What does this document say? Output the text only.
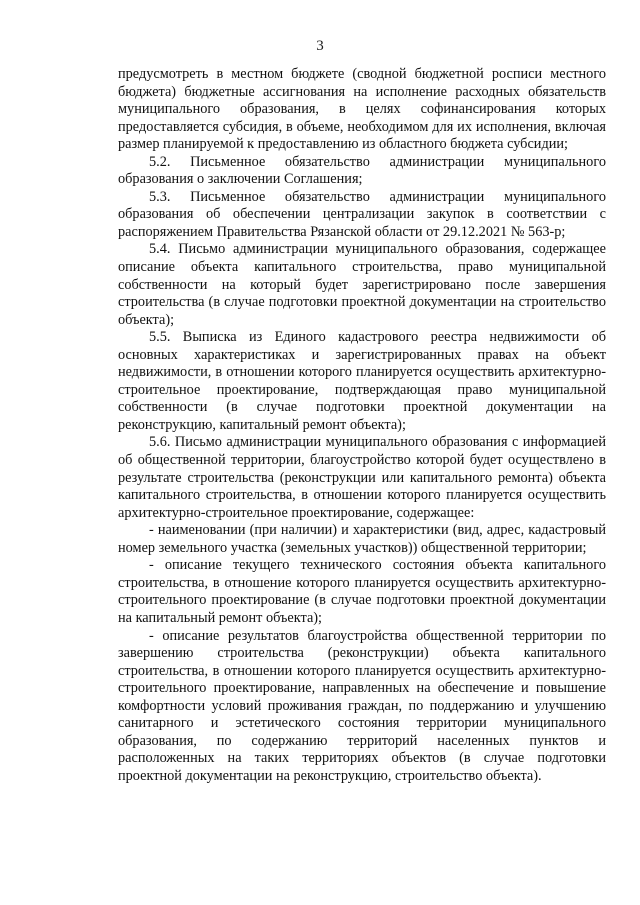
3

предусмотреть в местном бюджете (сводной бюджетной росписи местного бюджета) бюджетные ассигнования на исполнение расходных обязательств муниципального образования, в целях софинансирования которых предоставляется субсидия, в объеме, необходимом для их исполнения, включая размер планируемой к предоставлению из областного бюджета субсидии;

5.2. Письменное обязательство администрации муниципального образования о заключении Соглашения;

5.3. Письменное обязательство администрации муниципального образования об обеспечении централизации закупок в соответствии с распоряжением Правительства Рязанской области от 29.12.2021 № 563-р;

5.4. Письмо администрации муниципального образования, содержащее описание объекта капитального строительства, право муниципальной собственности на который будет зарегистрировано после завершения строительства (в случае подготовки проектной документации на строительство объекта);

5.5. Выписка из Единого кадастрового реестра недвижимости об основных характеристиках и зарегистрированных правах на объект недвижимости, в отношении которого планируется осуществить архитектурно-строительное проектирование, подтверждающая право муниципальной собственности (в случае подготовки проектной документации на реконструкцию, капитальный ремонт объекта);

5.6. Письмо администрации муниципального образования с информацией об общественной территории, благоустройство которой будет осуществлено в результате строительства (реконструкции или капитального ремонта) объекта капитального строительства, в отношении которого планируется осуществить архитектурно-строительное проектирование, содержащее:

- наименовании (при наличии) и характеристики (вид, адрес, кадастровый номер земельного участка (земельных участков)) общественной территории;

- описание текущего технического состояния объекта капитального строительства, в отношение которого планируется осуществить архитектурно-строительного проектирование (в случае подготовки проектной документации на капитальный ремонт объекта);

- описание результатов благоустройства общественной территории по завершению строительства (реконструкции) объекта капитального строительства, в отношении которого планируется осуществить архитектурно-строительного проектирование, направленных на обеспечение и повышение комфортности условий проживания граждан, по поддержанию и улучшению санитарного и эстетического состояния территории муниципального образования, по содержанию территорий населенных пунктов и расположенных на таких территориях объектов (в случае подготовки проектной документации на реконструкцию, строительство объекта).
